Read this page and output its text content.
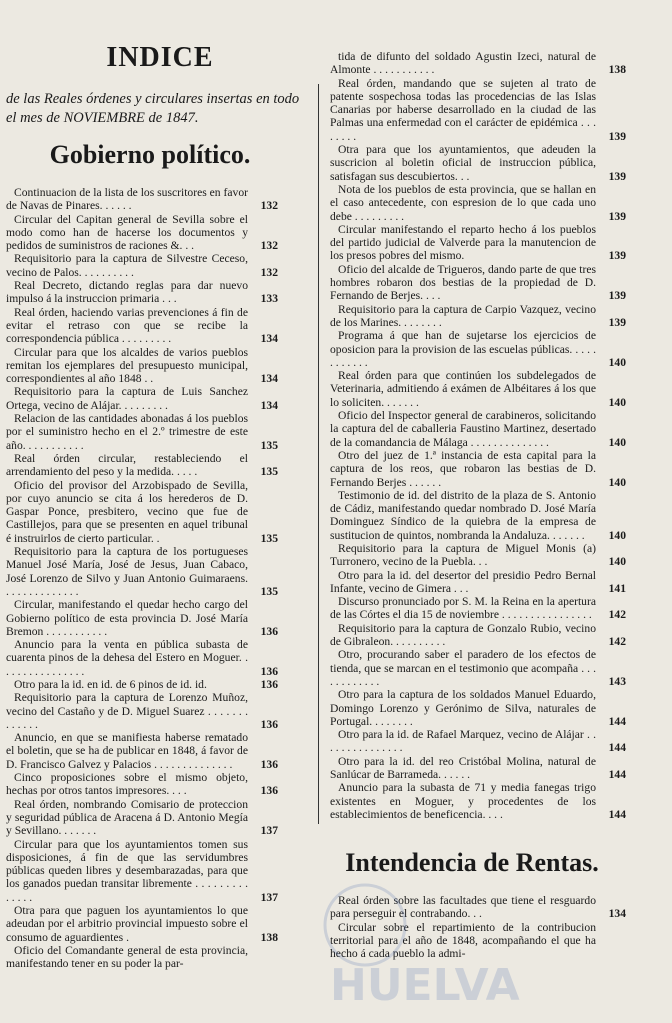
INDICE
de las Reales órdenes y circulares insertas en todo el mes de NOVIEMBRE de 1847.
Gobierno político.
Continuacion de la lista de los suscritores en favor de Navas de Pinares. . . . . .	132
Circular del Capitan general de Sevilla sobre el modo como han de hacerse los documentos y pedidos de suministros de raciones &. . .	132
Requisitorio para la captura de Silvestre Ceceso, vecino de Palos. . . . . . . . . .	132
Real Decreto, dictando reglas para dar nuevo impulso á la instruccion primaria . . .	133
Real órden, haciendo varias prevenciones á fin de evitar el retraso con que se recibe la correspondencia pública . . . . . . . . .	134
Circular para que los alcaldes de varios pueblos remitan los ejemplares del presupuesto municipal, correspondientes al año 1848 . .	134
Requisitorio para la captura de Luis Sanchez Ortega, vecino de Alájar. . . . . . . . .	134
Relacion de las cantidades abonadas á los pueblos por el suministro hecho en el 2.º trimestre de este año. . . . . . . . . . .	135
Real órden circular, restableciendo el arrendamiento del peso y la medida. . . . .	135
Oficio del provisor del Arzobispado de Sevilla, por cuyo anuncio se cita á los herederos de D. Gaspar Ponce, presbitero, vecino que fue de Castillejos, para que se presenten en aquel tribunal é instruirlos de cierto particular. .	135
Requisitorio para la captura de los portugueses Manuel José María, José de Jesus, Juan Cabaco, José Lorenzo de Silvo y Juan Antonio Guimaraens. . . . . . . . . . . . . .	135
Circular, manifestando el quedar hecho cargo del Gobierno político de esta provincia D. José María Bremon . . . . . . . . . . .	136
Anuncio para la venta en pública subasta de cuarenta pinos de la dehesa del Estero en Moguer. . . . . . . . . . . . . . . .	136
Otro para la id. en id. de 6 pinos de id. id.	136
Requisitorio para la captura de Lorenzo Muñoz, vecino del Castaño y de D. Miguel Suarez . . . . . . . . . . . . .	136
Anuncio, en que se manifiesta haberse rematado el boletin, que se ha de publicar en 1848, á favor de D. Francisco Galvez y Palacios . . . . . . . . . . . . . .	136
Cinco proposiciones sobre el mismo objeto, hechas por otros tantos impresores. . . .	136
Real órden, nombrando Comisario de proteccion y seguridad pública de Aracena á D. Antonio Megía y Sevillano. . . . . . .	137
Circular para que los ayuntamientos tomen sus disposiciones, á fin de que las servidumbres públicas queden libres y desembarazadas, para que los ganados puedan transitar libremente . . . . . . . . . . . . . .	137
Otra para que paguen los ayuntamientos lo que adeudan por el arbitrio provincial impuesto sobre el consumo de aguardientes .	138
Oficio del Comandante general de esta provincia, manifestando tener en su poder la par-
tida de difunto del soldado Agustin Izeci, natural de Almonte . . . . . . . . . . .	138
Real órden, mandando que se sujeten al trato de patente sospechosa todas las procedencias de las Islas Canarias por haberse desarrollado en la ciudad de las Palmas una enfermedad con el carácter de epidémica . . . . . . . .	139
Otra para que los ayuntamientos, que adeuden la suscricion al boletin oficial de instruccion pública, satisfagan sus descubiertos. . .	139
Nota de los pueblos de esta provincia, que se hallan en el caso antecedente, con espresion de lo que cada uno debe . . . . . . . . .	139
Circular manifestando el reparto hecho á los pueblos del partido judicial de Valverde para la manutencion de los presos pobres del mismo.	139
Oficio del alcalde de Trigueros, dando parte de que tres hombres robaron dos bestias de la propiedad de D. Fernando de Berjes. . . .	139
Requisitorio para la captura de Carpio Vazquez, vecino de los Marines. . . . . . . .	139
Programa á que han de sujetarse los ejercicios de oposicion para la provision de las escuelas públicas. . . . . . . . . . . .	140
Real órden para que continúen los subdelegados de Veterinaria, admitiendo á exámen de Albéitares á los que lo soliciten. . . . . . .	140
Oficio del Inspector general de carabineros, solicitando la captura del de caballeria Faustino Martinez, desertado de la comandancia de Málaga . . . . . . . . . . . . . .	140
Otro del juez de 1.ª instancia de esta capital para la captura de los reos, que robaron las bestias de D. Fernando Berjes . . . . . .	140
Testimonio de id. del distrito de la plaza de S. Antonio de Cádiz, manifestando quedar nombrado D. José María Dominguez Síndico de la quiebra de la empresa de sustitucion de quintos, nombranda la Andaluza. . . . . . .	140
Requisitorio para la captura de Miguel Monis (a) Turronero, vecino de la Puebla. . .	140
Otro para la id. del desertor del presidio Pedro Bernal Infante, vecino de Gimera . . .	141
Discurso pronunciado por S. M. la Reina en la apertura de las Córtes el dia 15 de noviembre . . . . . . . . . . . . . . . .	142
Requisitorio para la captura de Gonzalo Rubio, vecino de Gibraleon. . . . . . . . . .	142
Otro, procurando saber el paradero de los efectos de tienda, que se marcan en el testimonio que acompaña . . . . . . . . . . . .	143
Otro para la captura de los soldados Manuel Eduardo, Domingo Lorenzo y Gerónimo de Silva, naturales de Portugal. . . . . . . .	144
Otro para la id. de Rafael Marquez, vecino de Alájar . . . . . . . . . . . . . . .	144
Otro para la id. del reo Cristóbal Molina, natural de Sanlúcar de Barrameda. . . . . .	144
Anuncio para la subasta de 71 y media fanegas trigo existentes en Moguer, y procedentes de los establecimientos de beneficencia. . . .	144
Intendencia de Rentas.
Real órden sobre las facultades que tiene el resguardo para perseguir el contrabando. . .	134
Circular sobre el repartimiento de la contribucion territorial para el año de 1848, acompañando el que ha hecho á cada pueblo la admi-
HUELVA
